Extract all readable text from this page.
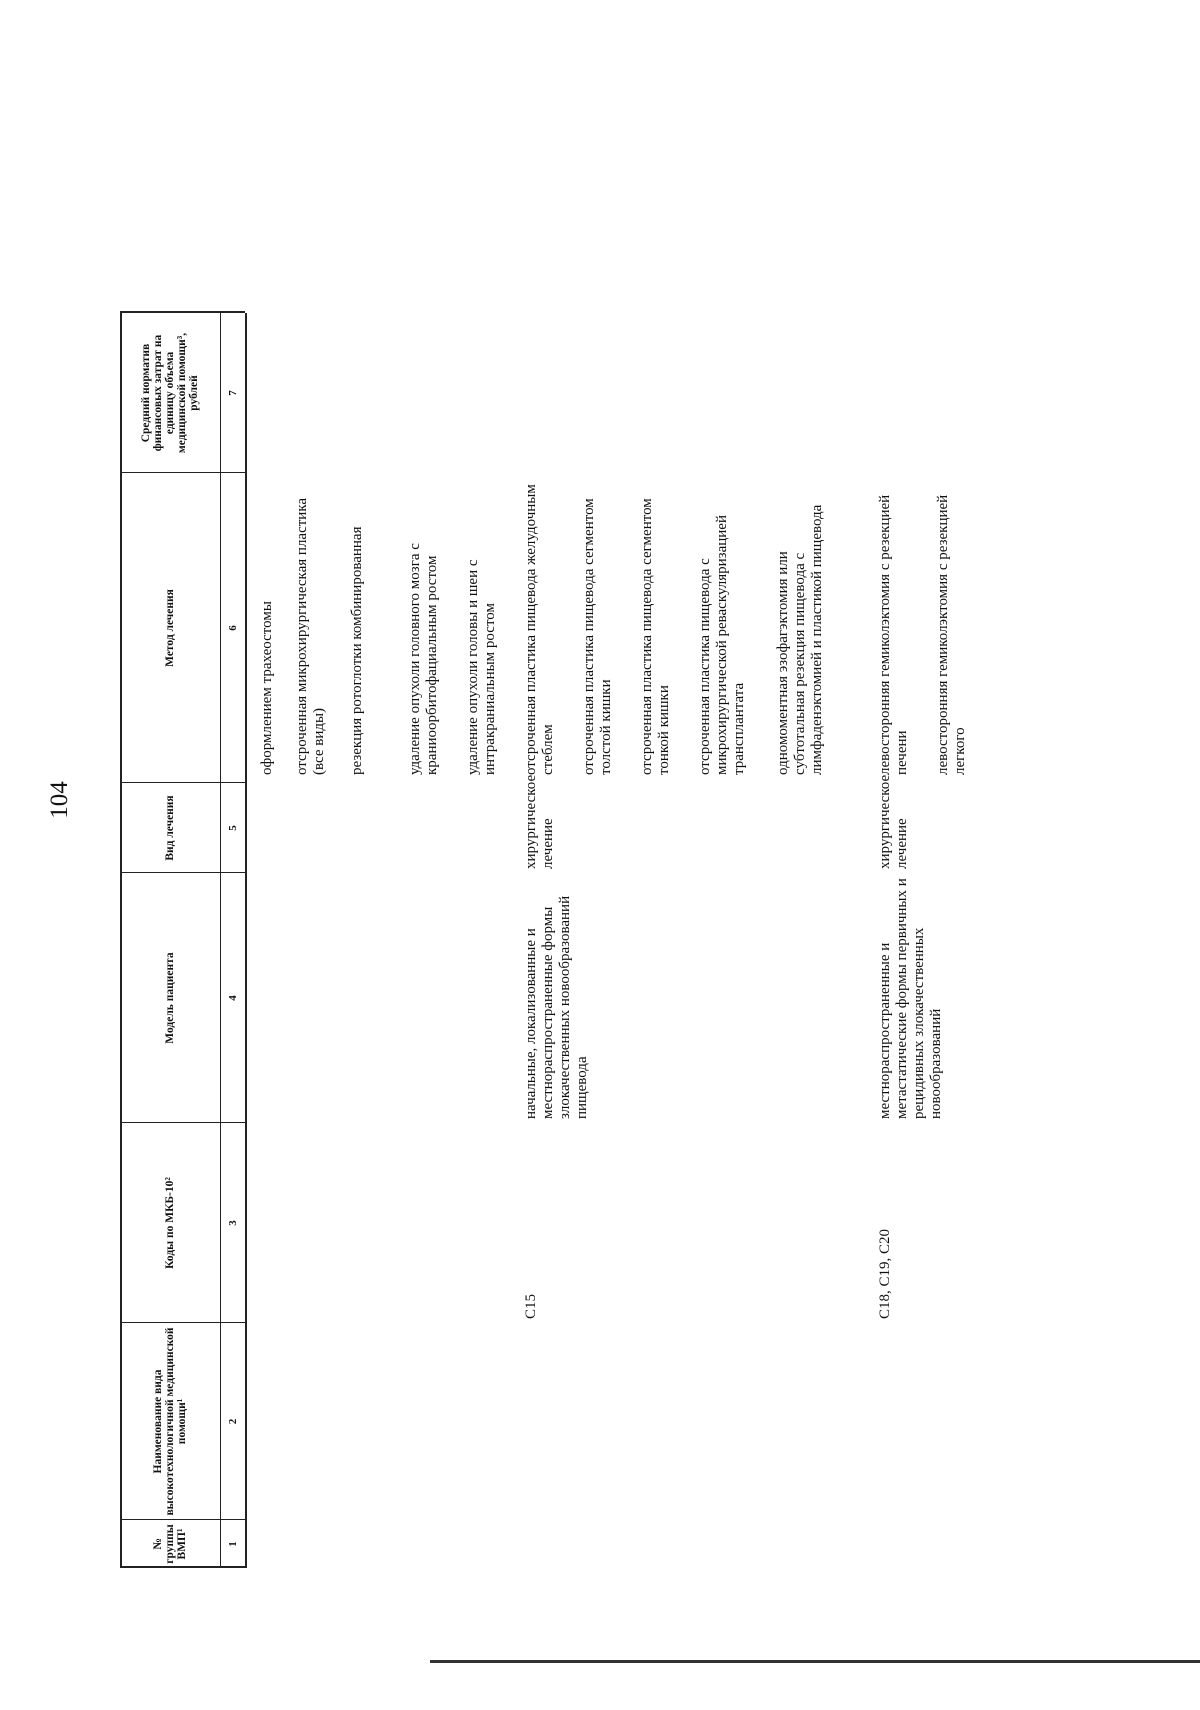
104
№ группы ВМП¹
Наименование вида высокотехнологичной медицинской помощи¹
Коды по МКБ-10²
Модель пациента
Вид лечения
Метод лечения
Средний норматив финансовых затрат на единицу объема медицинской помощи³, рублей
1
2
3
4
5
6
7
оформлением трахеостомы отсроченная микрохирургическая пластика (все виды) резекция ротоглотки комбинированная	удаление опухоли головного мозга с краниоорбитофациальным ростом удаление опухоли головы и шеи с интракраниальным ростом отсроченная пластика пищевода желудочным стеблем отсроченная пластика пищевода сегментом толстой кишки отсроченная пластика пищевода сегментом тонкой кишки отсроченная пластика пищевода с микрохирургической реваскуляризацией трансплантата одномоментная эзофагэктомия или субтотальная резекция пищевода с лимфаденэктомией и пластикой пищевода	левосторонняя гемиколэктомия с резекцией печени левосторонняя гемиколэктомия с резекцией легкого
C15
начальные, локализованные и местнораспространенные формы злокачественных новообразований пищевода
хирургическое лечение
C18, C19, C20
местнораспространенные и метастатические формы первичных и рецидивных злокачественных новообразований
хирургическое лечение
